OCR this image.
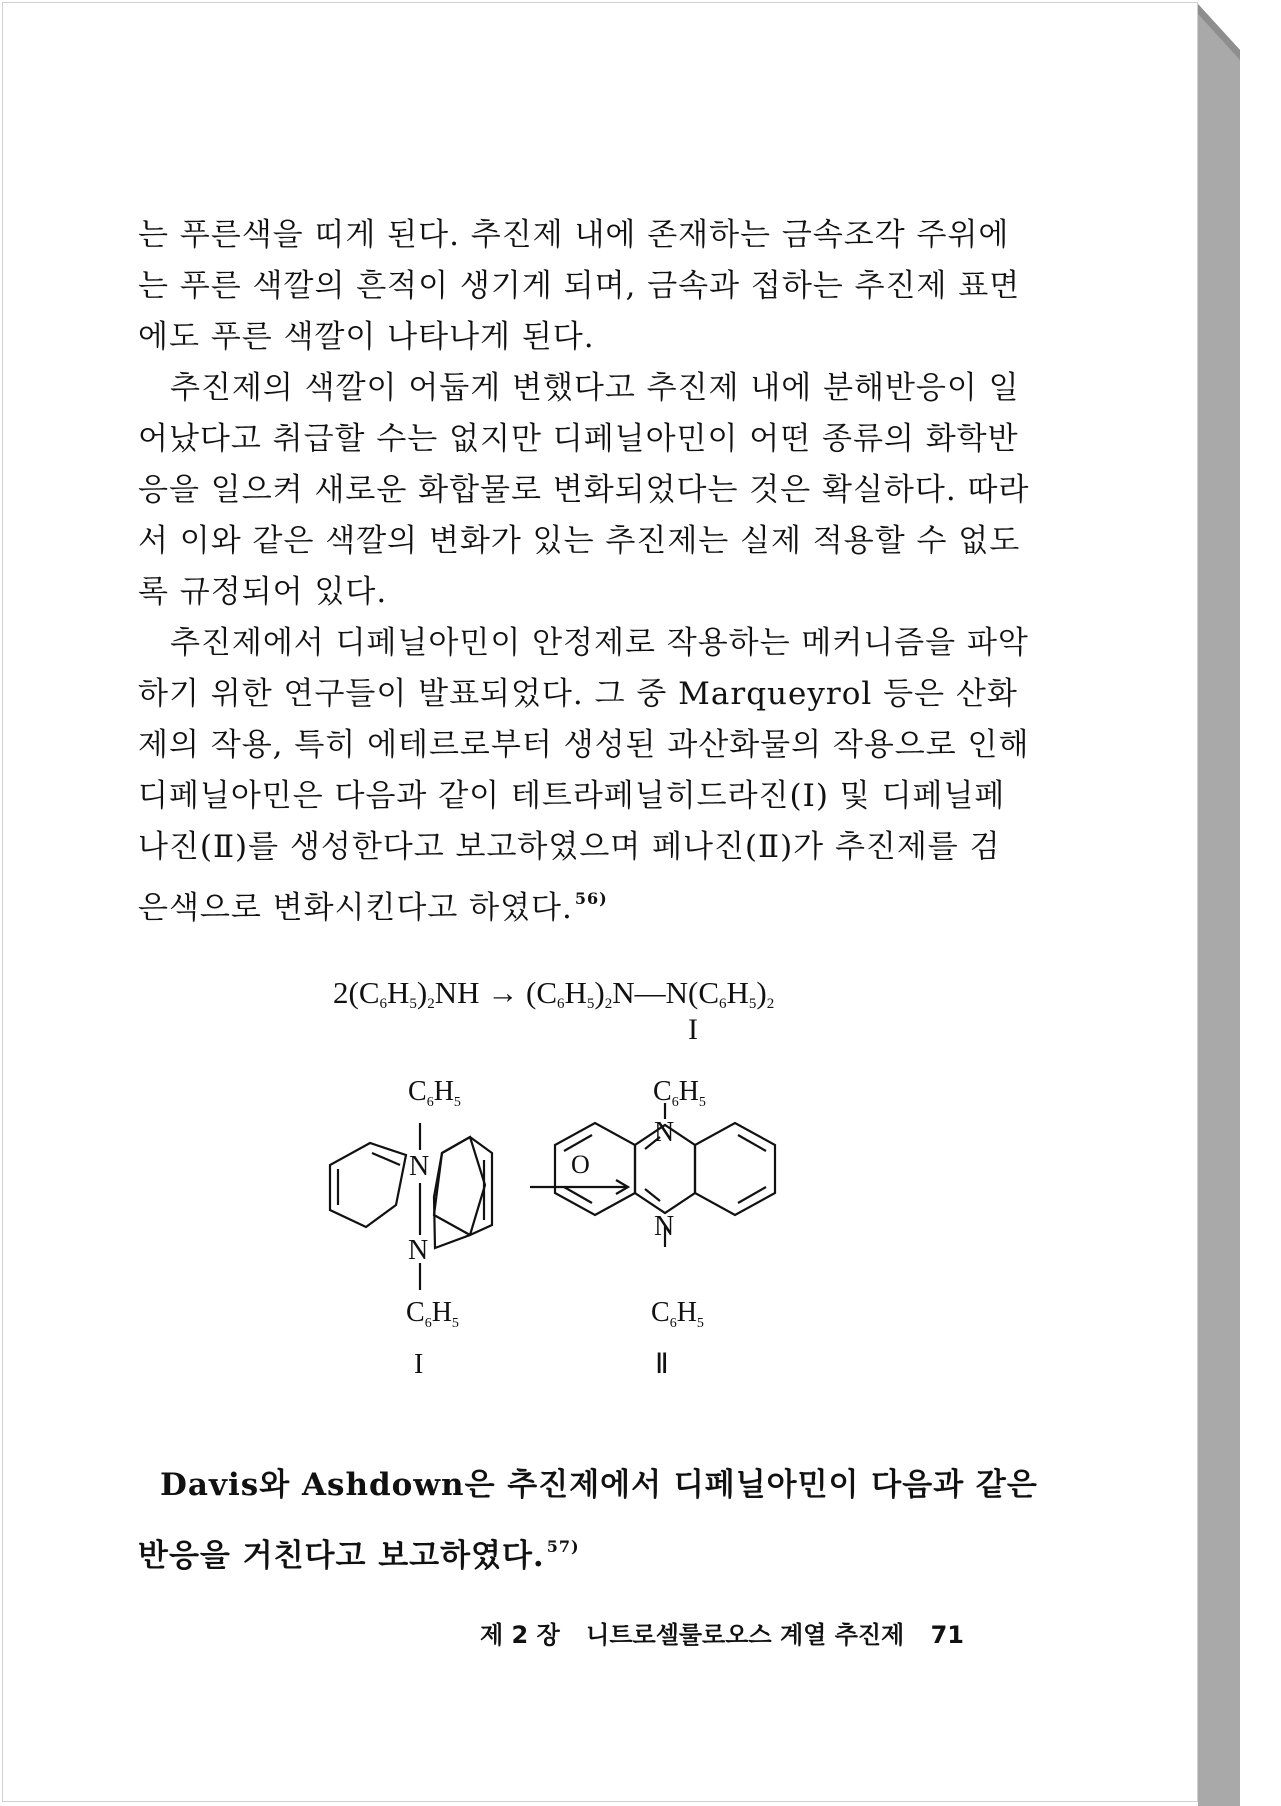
는 푸른색을 띠게 된다. 추진제 내에 존재하는 금속조각 주위에
는 푸른 색깔의 흔적이 생기게 되며, 금속과 접하는 추진제 표면
에도 푸른 색깔이 나타나게 된다.
추진제의 색깔이 어둡게 변했다고 추진제 내에 분해반응이 일
어났다고 취급할 수는 없지만 디페닐아민이 어떤 종류의 화학반
응을 일으켜 새로운 화합물로 변화되었다는 것은 확실하다. 따라
서 이와 같은 색깔의 변화가 있는 추진제는 실제 적용할 수 없도
록 규정되어 있다.
추진제에서 디페닐아민이 안정제로 작용하는 메커니즘을 파악
하기 위한 연구들이 발표되었다. 그 중 Marqueyrol 등은 산화
제의 작용, 특히 에테르로부터 생성된 과산화물의 작용으로 인해
디페닐아민은 다음과 같이 테트라페닐히드라진(Ⅰ) 및 디페닐페
나진(Ⅱ)를 생성한다고 보고하였으며 페나진(Ⅱ)가 추진제를 검
은색으로 변화시킨다고 하였다. $^{56)}$
2(C6H5)2NH → (C6H5)2N—N(C6H5)2
I
$C_6H_5$
N
N
$C_6H_5$
I
O
$C_6H_5$
N
N
$C_6H_5$
Ⅱ
Davis와 Ashdown은 추진제에서 디페닐아민이 다음과 같은
반응을 거친다고 보고하였다. $^{57)}$
제 2 장 니트로셀룰로오스 계열 추진제 71
